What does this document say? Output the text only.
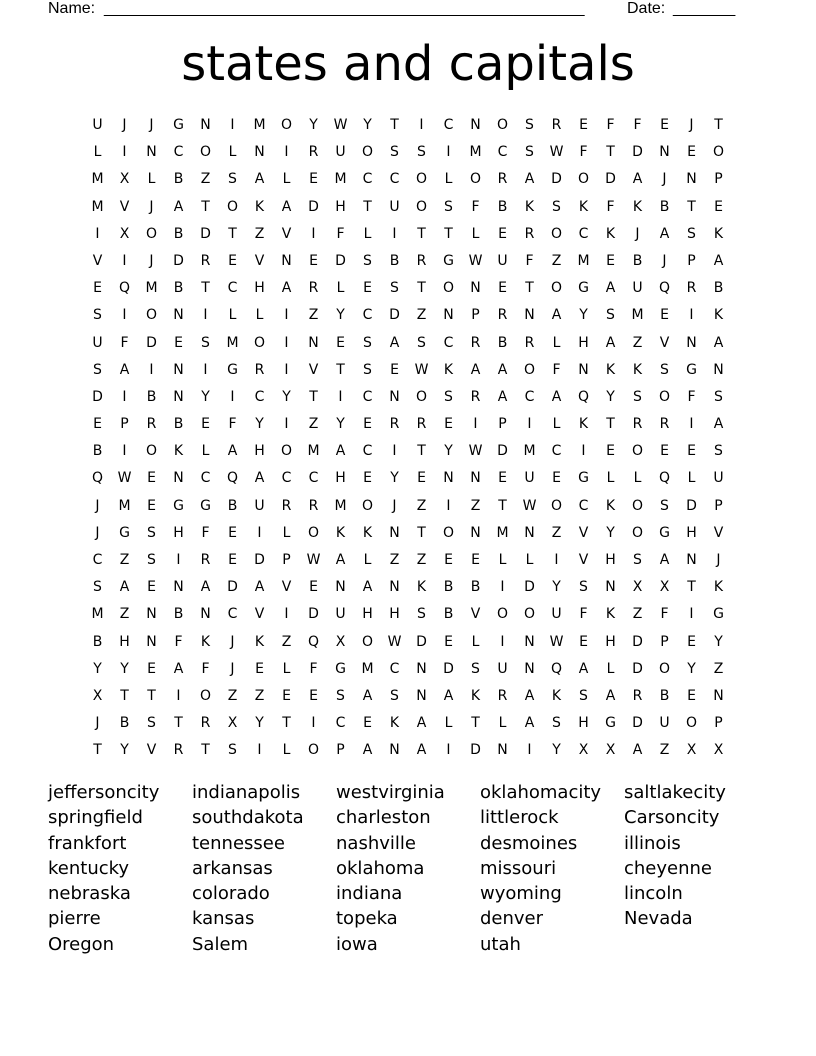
Name: ______________________________________________________	Date: _______
states and capitals
U	J	J	G	N	I	M	O	Y	W	Y	T	I	C	N	O	S	R	E	F	F	E	J	T
L	I	N	C	O	L	N	I	R	U	O	S	S	I	M	C	S	W	F	T	D	N	E	O
M	X	L	B	Z	S	A	L	E	M	C	C	O	L	O	R	A	D	O	D	A	J	N	P
M	V	J	A	T	O	K	A	D	H	T	U	O	S	F	B	K	S	K	F	K	B	T	E
I	X	O	B	D	T	Z	V	I	F	L	I	T	T	L	E	R	O	C	K	J	A	S	K
V	I	J	D	R	E	V	N	E	D	S	B	R	G	W	U	F	Z	M	E	B	J	P	A
E	Q	M	B	T	C	H	A	R	L	E	S	T	O	N	E	T	O	G	A	U	Q	R	B
S	I	O	N	I	L	L	I	Z	Y	C	D	Z	N	P	R	N	A	Y	S	M	E	I	K
U	F	D	E	S	M	O	I	N	E	S	A	S	C	R	B	R	L	H	A	Z	V	N	A
S	A	I	N	I	G	R	I	V	T	S	E	W	K	A	A	O	F	N	K	K	S	G	N
D	I	B	N	Y	I	C	Y	T	I	C	N	O	S	R	A	C	A	Q	Y	S	O	F	S
E	P	R	B	E	F	Y	I	Z	Y	E	R	R	E	I	P	I	L	K	T	R	R	I	A
B	I	O	K	L	A	H	O	M	A	C	I	T	Y	W	D	M	C	I	E	O	E	E	S
Q	W	E	N	C	Q	A	C	C	H	E	Y	E	N	N	E	U	E	G	L	L	Q	L	U
J	M	E	G	G	B	U	R	R	M	O	J	Z	I	Z	T	W	O	C	K	O	S	D	P
J	G	S	H	F	E	I	L	O	K	K	N	T	O	N	M	N	Z	V	Y	O	G	H	V
C	Z	S	I	R	E	D	P	W	A	L	Z	Z	E	E	L	L	I	V	H	S	A	N	J
S	A	E	N	A	D	A	V	E	N	A	N	K	B	B	I	D	Y	S	N	X	X	T	K
M	Z	N	B	N	C	V	I	D	U	H	H	S	B	V	O	O	U	F	K	Z	F	I	G
B	H	N	F	K	J	K	Z	Q	X	O	W	D	E	L	I	N	W	E	H	D	P	E	Y
Y	Y	E	A	F	J	E	L	F	G	M	C	N	D	S	U	N	Q	A	L	D	O	Y	Z
X	T	T	I	O	Z	Z	E	E	S	A	S	N	A	K	R	A	K	S	A	R	B	E	N
J	B	S	T	R	X	Y	T	I	C	E	K	A	L	T	L	A	S	H	G	D	U	O	P
T	Y	V	R	T	S	I	L	O	P	A	N	A	I	D	N	I	Y	X	X	A	Z	X	X
jeffersoncity
springfield
frankfort
kentucky
nebraska
pierre
Oregon
indianapolis
southdakota
tennessee
arkansas
colorado
kansas
Salem
westvirginia
charleston
nashville
oklahoma
indiana
topeka
iowa
oklahomacity
littlerock
desmoines
missouri
wyoming
denver
utah
saltlakecity
Carsoncity
illinois
cheyenne
lincoln
Nevada
